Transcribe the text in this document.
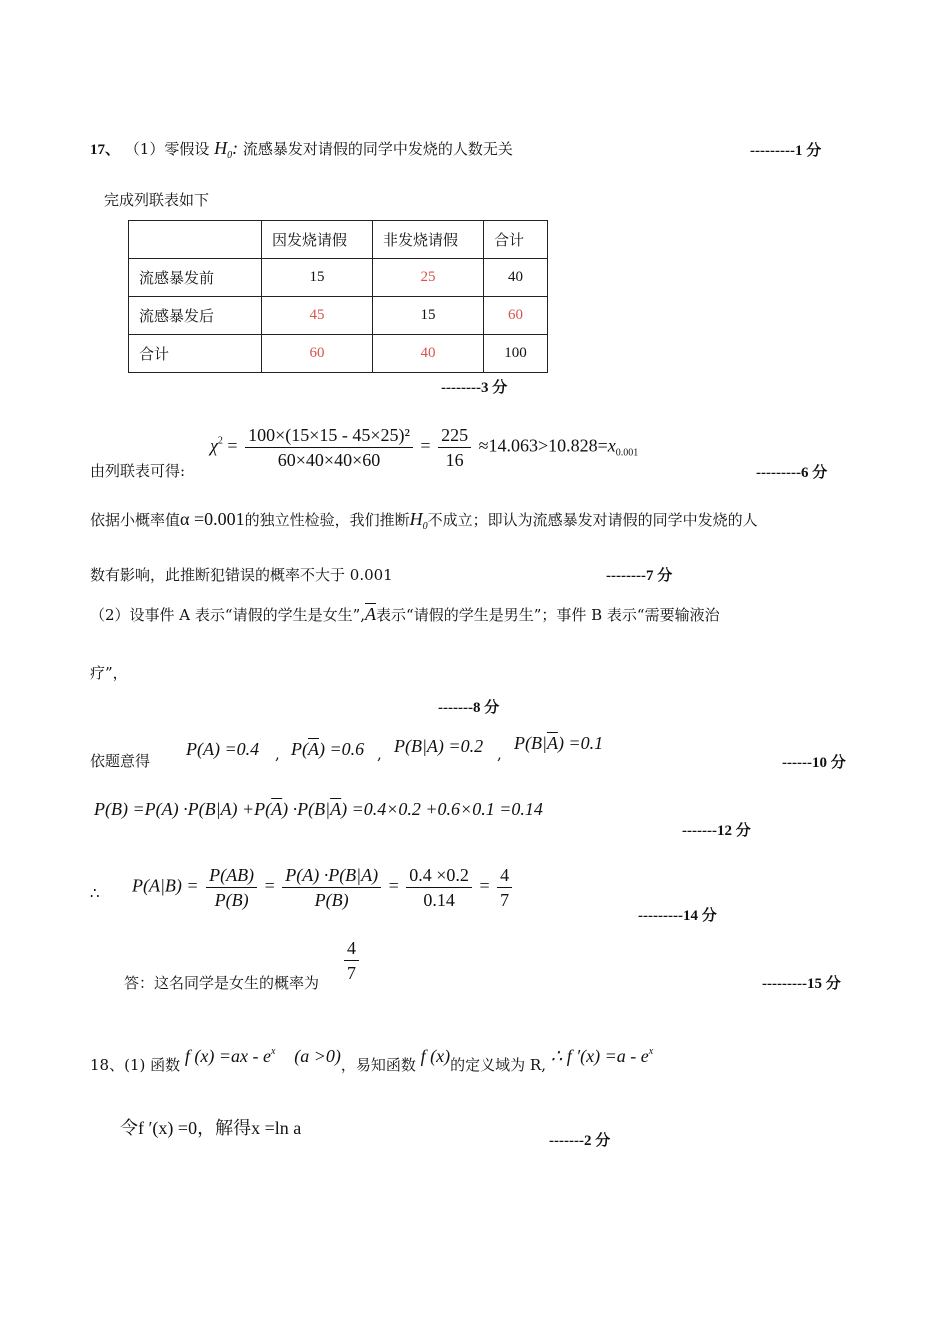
17、 （1）零假设 $H_0$: 流感暴发对请假的同学中发烧的人数无关	---------1 分
完成列联表如下
	因发烧请假	非发烧请假	合计
流感暴发前	15	25	40
流感暴发后	45	15	60
合计	60	40	100
--------3 分
由列联表可得:
$\chi^2 = \frac{\text{100×(15×15 - 45×25)²}}{60\times 40\times 40\times 60} = \frac{225}{16} \approx 14.063>10.828=x_{0.001}$
---------6 分
依据小概率值α =0.001的独立性检验，我们推断$H_0$不成立；即认为流感暴发对请假的同学中发烧的人
数有影响，此推断犯错误的概率不大于 0.001	--------7 分
（2）设事件 A 表示“请假的学生是女生$”,\overline{A}$表示“请假的学生是男生”；事件 B 表示“需要输液治
疗”，
-------8 分
依题意得
P(A) =0.4 , $P(\overline{A}) =0.6$ , P(B|A) =0.2 ,
$P(B|\overline{A}) =0.1$
------10 分
$P(B) =P(A) \cdot P(B|A) +P(\overline{A}) \cdot P(B|\overline{A}) =0.4\times 0.2 +0.6\times 0.1 =0.14$
-------12 分
∴ $P(A|B) = \frac{P(AB)}{P(B)} = \frac{P(A) \cdot P(B|A)}{P(B)} = \frac{0.4 \times 0.2}{0.14} = \frac{4}{7}$
---------14 分
答：这名同学是女生的概率为 $\frac{4}{7}$	---------15 分
18、(1) 函数 f $(x) =ax - e^x$ (a >0)，易知函数 f (x)的定义域为 R, ∴ f $'(x) =a - e^x$
令f ′(x) =0，解得x =ln a
-------2 分
